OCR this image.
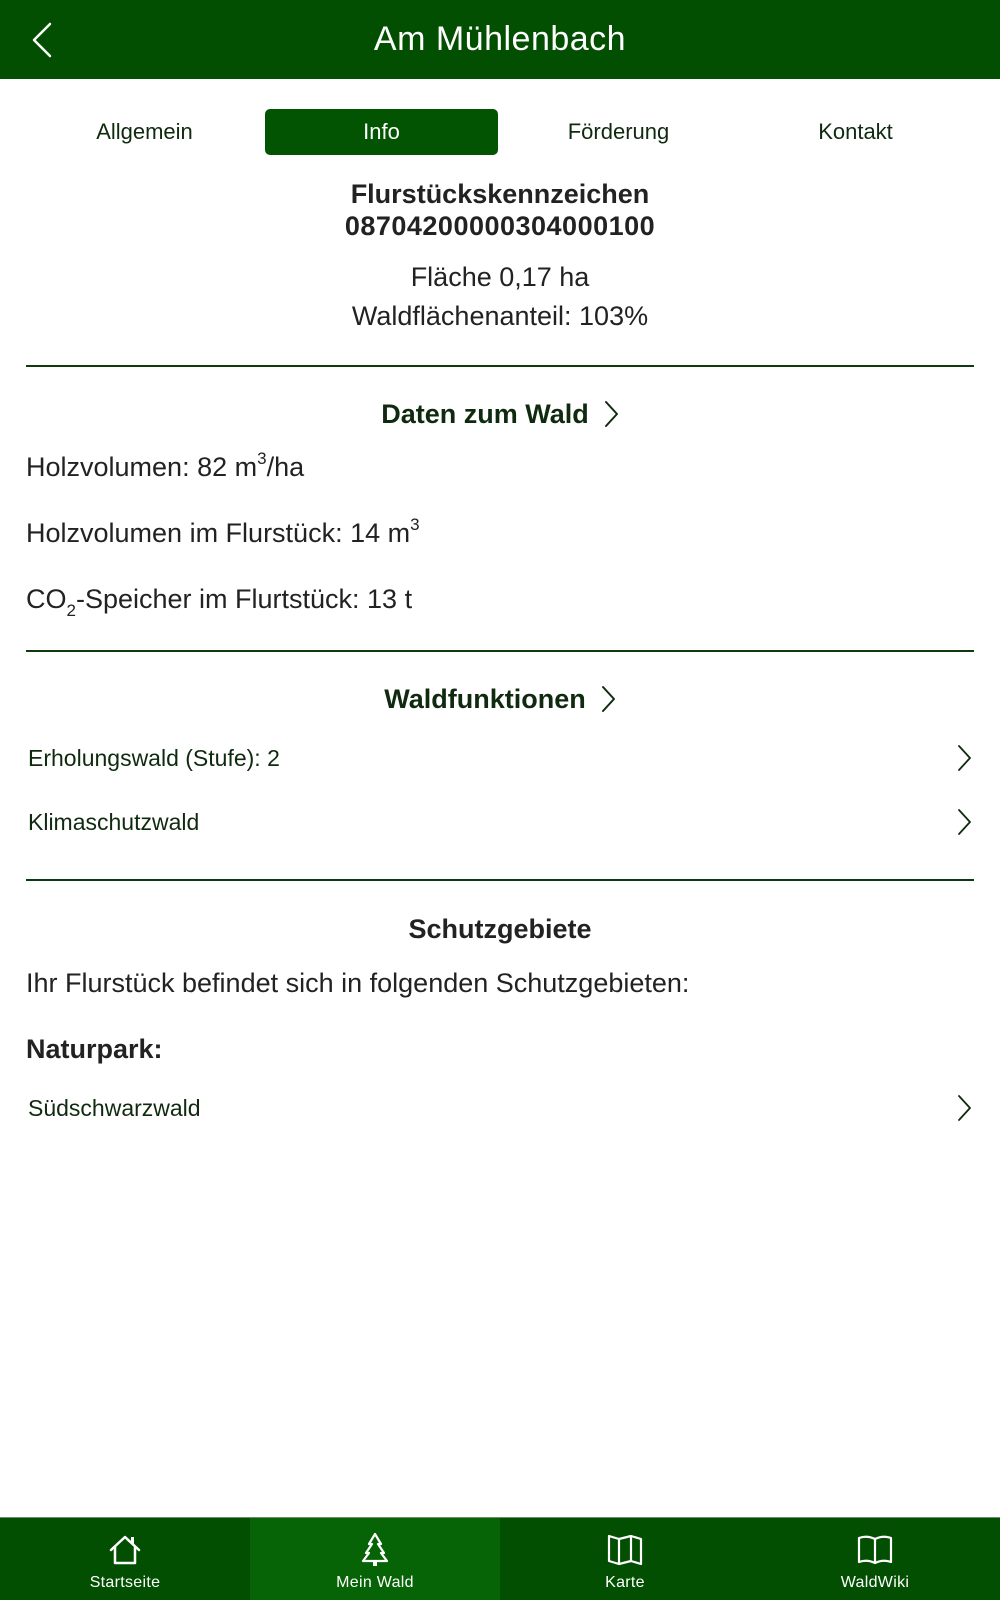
Am Mühlenbach
Allgemein	Info	Förderung	Kontakt
Flurstückskennzeichen
08704200000304000100
Fläche 0,17 ha
Waldflächenanteil: 103%
Daten zum Wald
Holzvolumen: 82 $m^3/ha$
Holzvolumen im Flurstück: 14 $m^3$
$CO_2$-Speicher im Flurtstück: 13 t
Waldfunktionen
Erholungswald (Stufe): 2
Klimaschutzwald
Schutzgebiete
Ihr Flurstück befindet sich in folgenden Schutzgebieten:
Naturpark:
Südschwarzwald
Startseite	Mein Wald	Karte	WaldWiki
